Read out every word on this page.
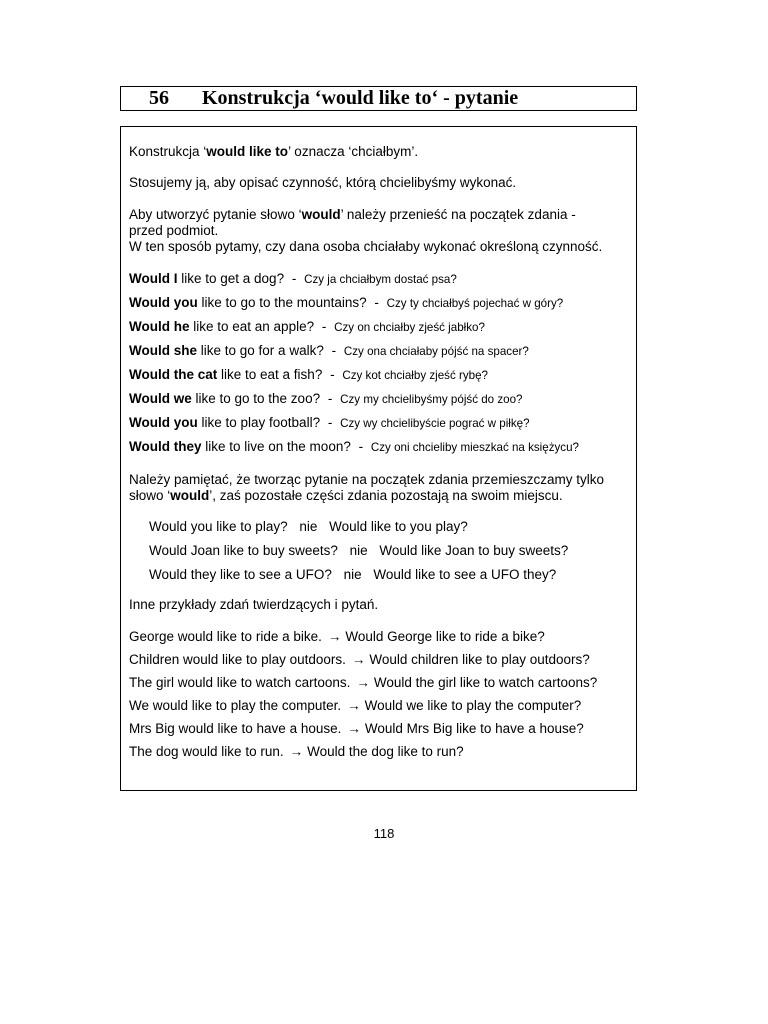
56 Konstrukcja ‘would like to‘ - pytanie
Konstrukcja ‘would like to’ oznacza ‘chciałbym’.
Stosujemy ją, aby opisać czynność, którą chcielibyśmy wykonać.
Aby utworzyć pytanie słowo ‘would’ należy przenieść na początek zdania -
przed podmiot.
W ten sposób pytamy, czy dana osoba chciałaby wykonać określoną czynność.
Would I like to get a dog? - Czy ja chciałbym dostać psa?
Would you like to go to the mountains? - Czy ty chciałbyś pojechać w góry?
Would he like to eat an apple? - Czy on chciałby zjeść jabłko?
Would she like to go for a walk? - Czy ona chciałaby pójść na spacer?
Would the cat like to eat a fish? - Czy kot chciałby zjeść rybę?
Would we like to go to the zoo? - Czy my chcielibyśmy pójść do zoo?
Would you like to play football? - Czy wy chcielibyście pograć w piłkę?
Would they like to live on the moon? - Czy oni chcieliby mieszkać na księżycu?
Należy pamiętać, że tworząc pytanie na początek zdania przemieszczamy tylko
słowo ‘would’, zaś pozostałe części zdania pozostają na swoim miejscu.
Would you like to play? nie Would like to you play?
Would Joan like to buy sweets? nie Would like Joan to buy sweets?
Would they like to see a UFO? nie Would like to see a UFO they?
Inne przykłady zdań twierdzących i pytań.
George would like to ride a bike. → Would George like to ride a bike?
Children would like to play outdoors. → Would children like to play outdoors?
The girl would like to watch cartoons. → Would the girl like to watch cartoons?
We would like to play the computer. → Would we like to play the computer?
Mrs Big would like to have a house. → Would Mrs Big like to have a house?
The dog would like to run. → Would the dog like to run?
118
